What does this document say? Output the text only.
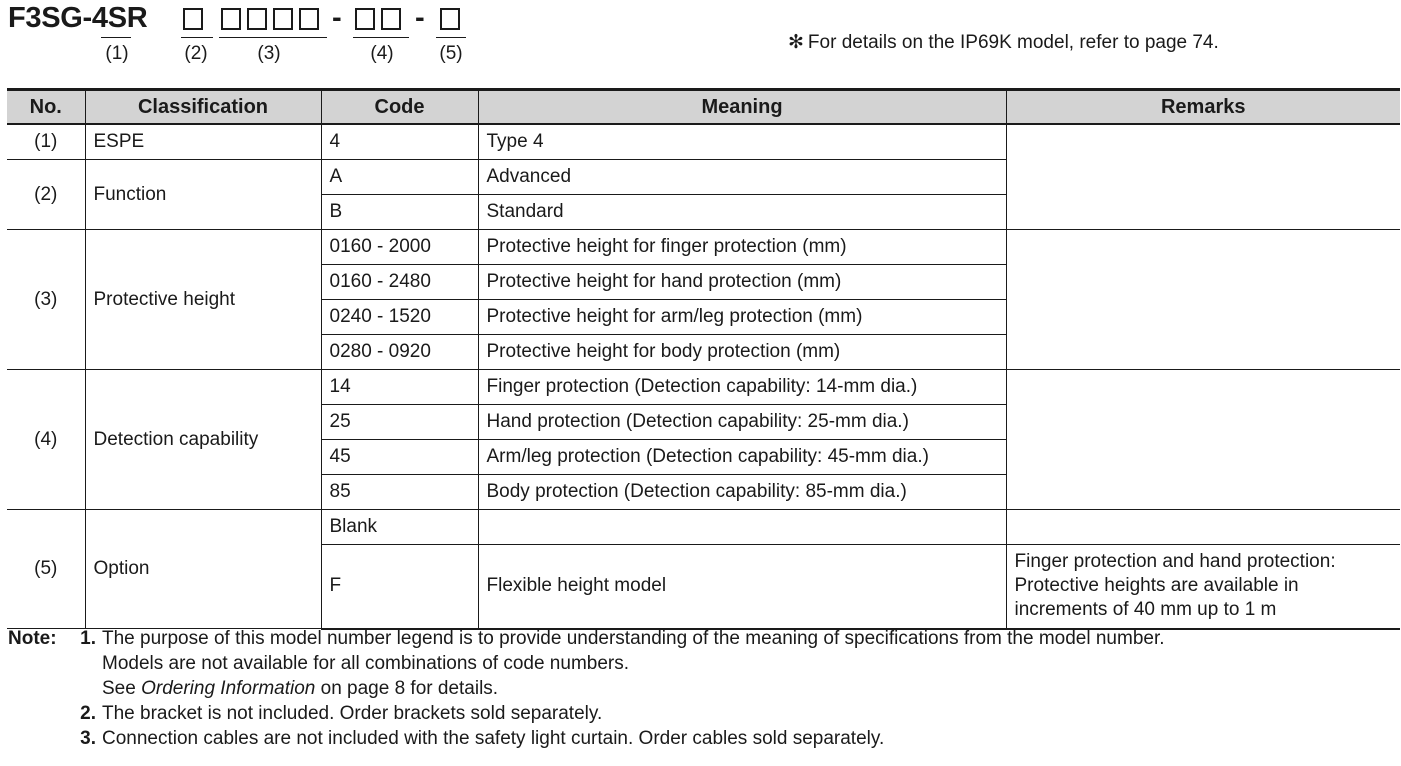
F3SG-4SR	-	-
(1)	(2)	(3)	(4) (5)
✻ For details on the IP69K model, refer to page 74.
No.	Classification	Code	Meaning	Remarks
(1)	ESPE	4	Type 4	
(2)	Function	A	Advanced	
		B	Standard	
(3)	Protective height	0160 - 2000	Protective height for finger protection (mm)	
		0160 - 2480	Protective height for hand protection (mm)	
		0240 - 1520	Protective height for arm/leg protection (mm)	
		0280 - 0920	Protective height for body protection (mm)	
(4)	Detection capability	14	Finger protection (Detection capability: 14-mm dia.)	
		25	Hand protection (Detection capability: 25-mm dia.)	
		45	Arm/leg protection (Detection capability: 45-mm dia.)	
		85	Body protection (Detection capability: 85-mm dia.)	
(5)	Option	Blank		
		F	Flexible height model	Finger protection and hand protection:
Protective heights are available in
increments of 40 mm up to 1 m
Note:	1. The purpose of this model number legend is to provide understanding of the meaning of specifications from the model number.
Models are not available for all combinations of code numbers.
See Ordering Information on page 8 for details.
2. The bracket is not included. Order brackets sold separately.
3. Connection cables are not included with the safety light curtain. Order cables sold separately.
